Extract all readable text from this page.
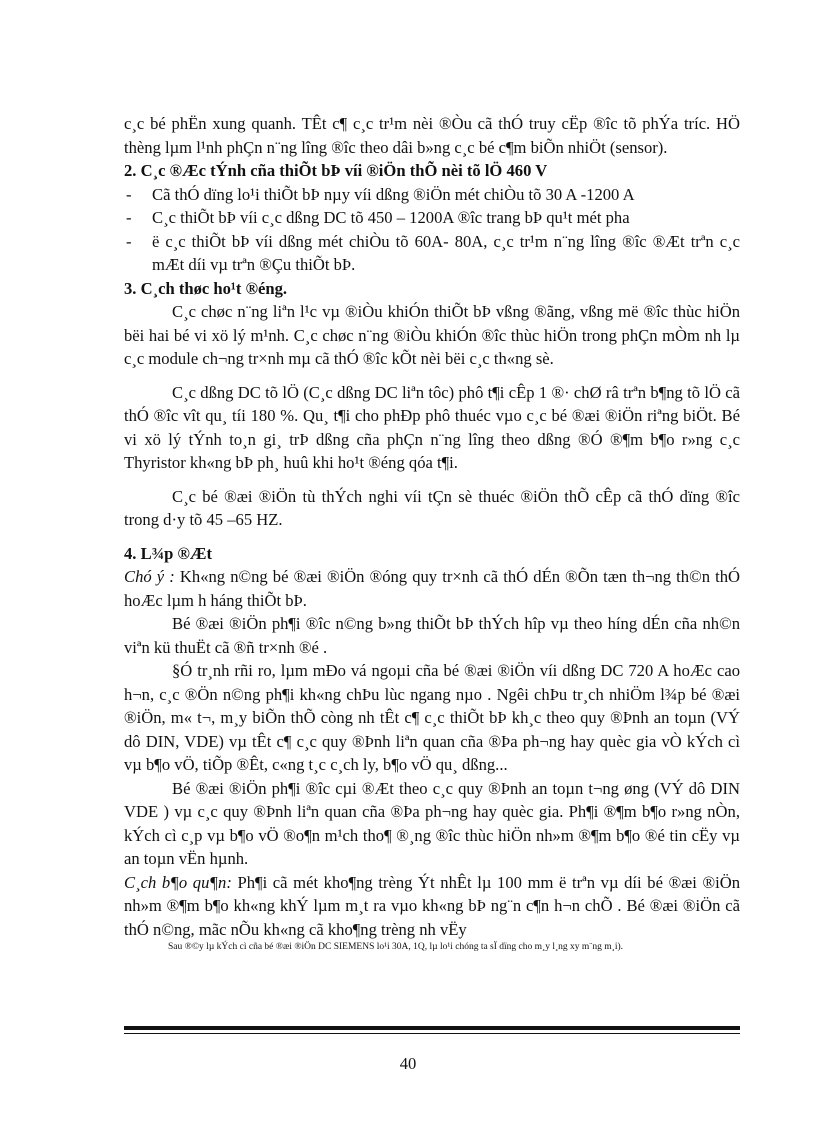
c¸c bé phËn xung quanh. TÊt c¶ c¸c tr¹m nèi ®Òu cã thÓ truy cËp ®îc tõ phÝa tríc. HÖ thèng lµm l¹nh phÇn n¨ng lîng ®îc theo dâi b»ng c¸c bé c¶m biÕn nhiÖt (sensor).

2. C¸c ®Æc tÝnh cña thiÕt bÞ víi ®iÖn thÕ nèi tõ lÖ 460 V
- Cã thÓ dïng lo¹i thiÕt bÞ nµy víi dßng ®iÖn mét chiÒu tõ 30 A -1200 A
- C¸c thiÕt bÞ víi c¸c dßng DC tõ 450 – 1200A ®îc trang bÞ qu¹t mét pha
- ë c¸c thiÕt bÞ víi dßng mét chiÒu tõ 60A- 80A, c¸c tr¹m n¨ng lîng ®îc ®Æt trªn c¸c mÆt díi vµ trªn ®Çu thiÕt bÞ.
3. C¸ch thøc ho¹t ®éng.

C¸c chøc n¨ng liªn l¹c vµ ®iÒu khiÓn thiÕt bÞ vßng ®ãng, vßng më ®îc thùc hiÖn bëi hai bé vi xö lý m¹nh. C¸c chøc n¨ng ®iÒu khiÓn ®îc thùc hiÖn trong phÇn mÒm nh lµ c¸c module ch¬ng tr×nh mµ cã thÓ ®îc kÕt nèi bëi c¸c th«ng sè.

C¸c dßng DC tõ lÖ (C¸c dßng DC liªn tôc) phô t¶i cÊp 1 ®· chØ râ trªn b¶ng tõ lÖ cã thÓ ®îc vît qu¸ tíi 180 %. Qu¸ t¶i cho phÐp phô thuéc vµo c¸c bé ®æi ®iÖn riªng biÖt. Bé vi xö lý tÝnh to¸n gi¸ trÞ dßng cña phÇn n¨ng lîng theo dßng ®Ó ®¶m b¶o r»ng c¸c Thyristor kh«ng bÞ ph¸ huû khi ho¹t ®éng qóa t¶i.

C¸c bé ®æi ®iÖn tù thÝch nghi víi tÇn sè thuéc ®iÖn thÕ cÊp cã thÓ dïng ®îc trong d·y tõ 45 –65 HZ.

4. L¾p ®Æt

Chó ý : Kh«ng n©ng bé ®æi ®iÖn ®óng quy tr×nh cã thÓ dÉn ®Õn tæn th¬ng th©n thÓ hoÆc lµm h háng thiÕt bÞ.

Bé ®æi ®iÖn ph¶i ®îc n©ng b»ng thiÕt bÞ thÝch hîp vµ theo híng dÉn cña nh©n viªn kü thuËt cã ®ñ tr×nh ®é .

§Ó tr¸nh rñi ro, lµm mÐo vá ngoµi cña bé ®æi ®iÖn víi dßng DC 720 A hoÆc cao h¬n, c¸c ®Ön n©ng ph¶i kh«ng chÞu lùc ngang nµo . Ngêi chÞu tr¸ch nhiÖm l¾p bé ®æi ®iÖn, m« t¬, m¸y biÕn thÕ còng nh tÊt c¶ c¸c thiÕt bÞ kh¸c theo quy ®Þnh an toµn (VÝ dô DIN, VDE) vµ tÊt c¶ c¸c quy ®Þnh liªn quan cña ®Þa ph¬ng hay quèc gia vÒ kÝch cì vµ b¶o vÖ, tiÕp ®Êt, c«ng t¸c c¸ch ly, b¶o vÖ qu¸ dßng...

Bé ®æi ®iÖn ph¶i ®îc cµi ®Æt theo c¸c quy ®Þnh an toµn t¬ng øng (VÝ dô DIN VDE ) vµ c¸c quy ®Þnh liªn quan cña ®Þa ph¬ng hay quèc gia. Ph¶i ®¶m b¶o r»ng nÒn, kÝch cì c¸p vµ b¶o vÖ ®o¶n m¹ch tho¶ ®¸ng ®îc thùc hiÖn nh»m ®¶m b¶o ®é tin cËy vµ an toµn vËn hµnh.

C¸ch b¶o qu¶n: Ph¶i cã mét kho¶ng trèng Ýt nhÊt lµ 100 mm ë trªn vµ díi bé ®æi ®iÖn nh»m ®¶m b¶o kh«ng khÝ lµm m¸t ra vµo kh«ng bÞ ng¨n c¶n h¬n chÕ . Bé ®æi ®iÖn cã thÓ n©ng, mãc nÕu kh«ng cã kho¶ng trèng nh vËy

Sau ®©y lµ kÝch cì cña bé ®æi ®iÖn DC SIEMENS lo¹i 30A, 1Q, lµ lo¹i chóng ta sÏ dïng cho m¸y l¸ng xy m¨ng m¸i).

40
